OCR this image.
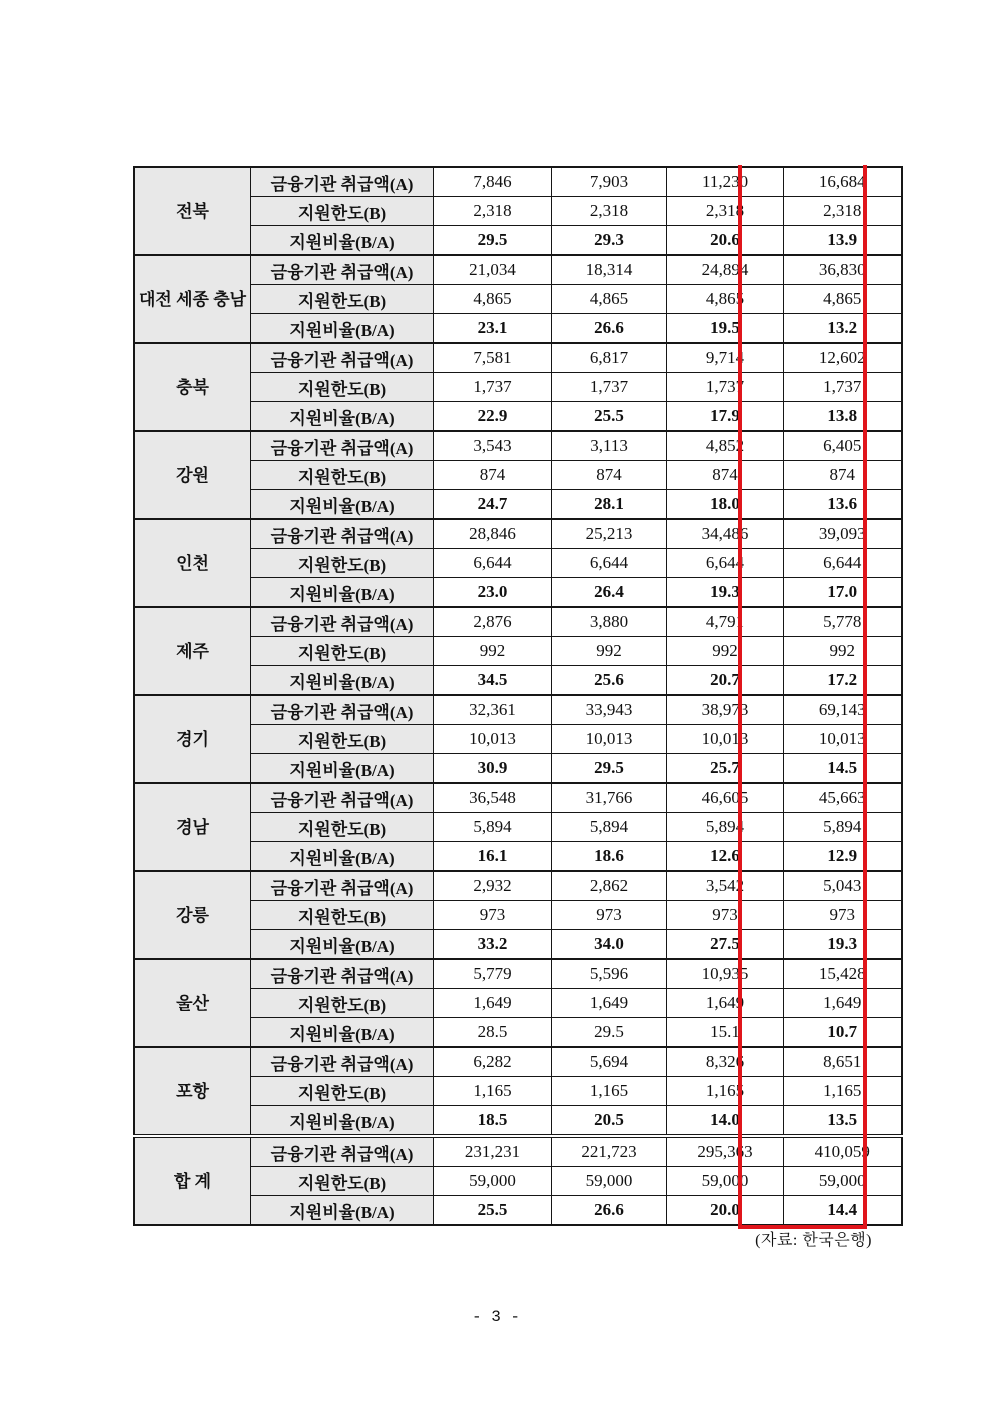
전북	금융기관 취급액(A)	7,846	7,903	11,230	16,684
	지원한도(B)	2,318	2,318	2,318	2,318
	지원비율(B/A)	29.5	29.3	20.6	13.9
대전 세종 충남	금융기관 취급액(A)	21,034	18,314	24,894	36,830
	지원한도(B)	4,865	4,865	4,865	4,865
	지원비율(B/A)	23.1	26.6	19.5	13.2
충북	금융기관 취급액(A)	7,581	6,817	9,714	12,602
	지원한도(B)	1,737	1,737	1,737	1,737
	지원비율(B/A)	22.9	25.5	17.9	13.8
강원	금융기관 취급액(A)	3,543	3,113	4,852	6,405
	지원한도(B)	874	874	874	874
	지원비율(B/A)	24.7	28.1	18.0	13.6
인천	금융기관 취급액(A)	28,846	25,213	34,486	39,093
	지원한도(B)	6,644	6,644	6,644	6,644
	지원비율(B/A)	23.0	26.4	19.3	17.0
제주	금융기관 취급액(A)	2,876	3,880	4,791	5,778
	지원한도(B)	992	992	992	992
	지원비율(B/A)	34.5	25.6	20.7	17.2
경기	금융기관 취급액(A)	32,361	33,943	38,973	69,143
	지원한도(B)	10,013	10,013	10,013	10,013
	지원비율(B/A)	30.9	29.5	25.7	14.5
경남	금융기관 취급액(A)	36,548	31,766	46,605	45,663
	지원한도(B)	5,894	5,894	5,894	5,894
	지원비율(B/A)	16.1	18.6	12.6	12.9
강릉	금융기관 취급액(A)	2,932	2,862	3,542	5,043
	지원한도(B)	973	973	973	973
	지원비율(B/A)	33.2	34.0	27.5	19.3
울산	금융기관 취급액(A)	5,779	5,596	10,935	15,428
	지원한도(B)	1,649	1,649	1,649	1,649
	지원비율(B/A)	28.5	29.5	15.1	10.7
포항	금융기관 취급액(A)	6,282	5,694	8,326	8,651
	지원한도(B)	1,165	1,165	1,165	1,165
	지원비율(B/A)	18.5	20.5	14.0	13.5
합 계	금융기관 취급액(A)	231,231	221,723	295,363	410,059
	지원한도(B)	59,000	59,000	59,000	59,000
	지원비율(B/A)	25.5	26.6	20.0	14.4
(자료: 한국은행)
- 3 -
